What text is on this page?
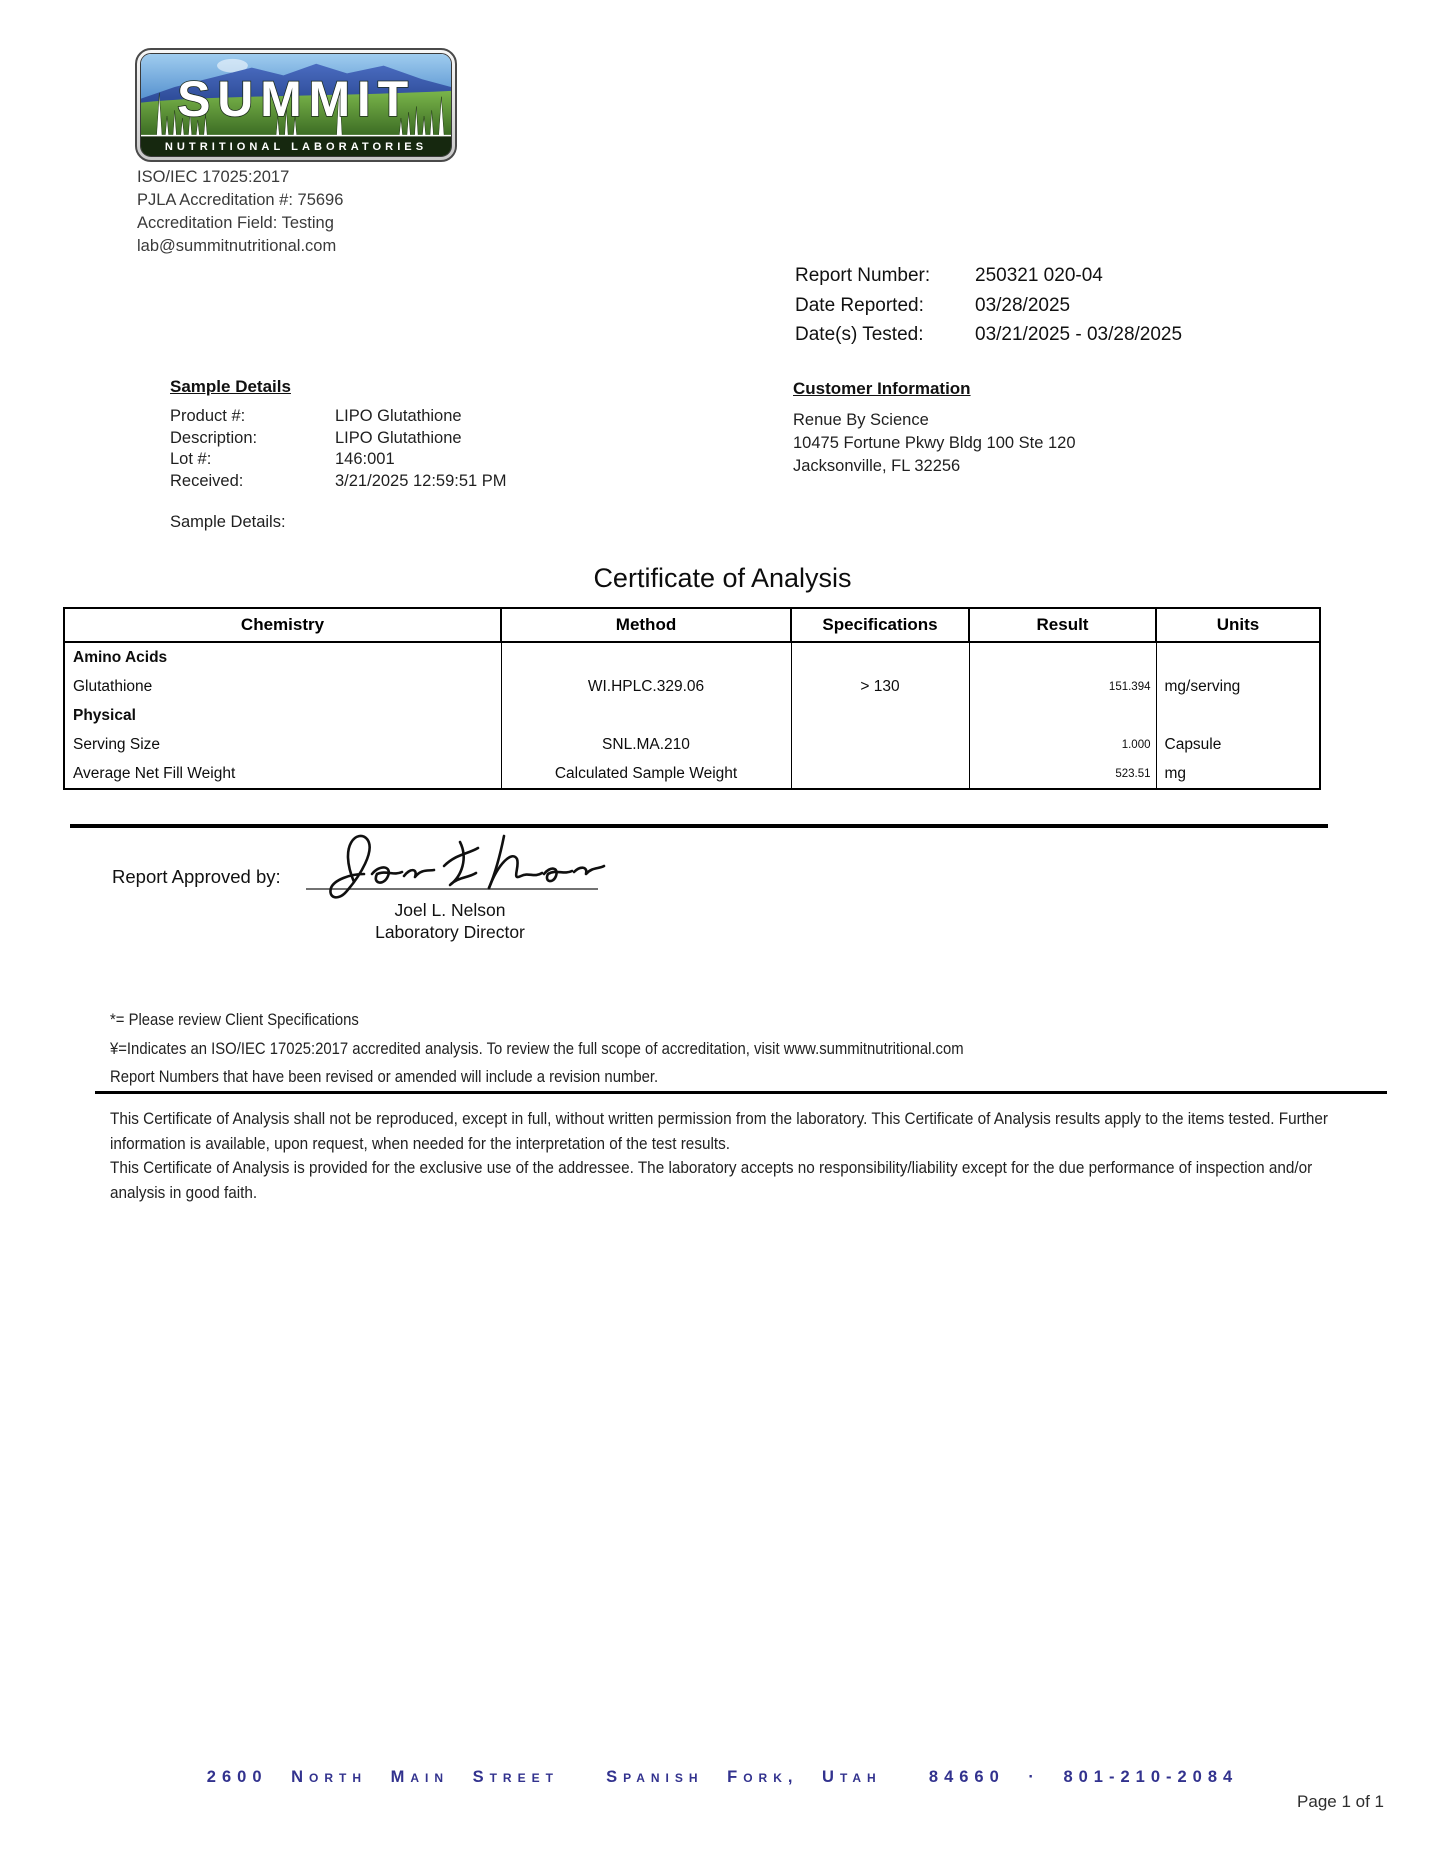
SUMMIT
NUTRITIONAL LABORATORIES
ISO/IEC 17025:2017
PJLA Accreditation #: 75696
Accreditation Field: Testing
lab@summitnutritional.com
Report Number:	250321 020-04
Date Reported:	03/28/2025
Date(s) Tested:	03/21/2025 - 03/28/2025

Sample Details

Product #:	LIPO Glutathione
Description:	LIPO Glutathione
Lot #:	146:001
Received:	3/21/2025 12:59:51 PM
Sample Details:

Customer Information

Renue By Science
10475 Fortune Pkwy Bldg 100 Ste 120
Jacksonville, FL 32256
Certificate of Analysis
Chemistry	Method	Specifications	Result	Units
Amino Acids				
Glutathione	WI.HPLC.329.06	> 130	151.394	mg/serving
Physical				
Serving Size	SNL.MA.210		1.000	Capsule
Average Net Fill Weight	Calculated Sample Weight		523.51	mg
Report Approved by:
Joel L. Nelson
Laboratory Director
*= Please review Client Specifications
¥=Indicates an ISO/IEC 17025:2017 accredited analysis. To review the full scope of accreditation, visit www.summitnutritional.com
Report Numbers that have been revised or amended will include a revision number.

This Certificate of Analysis shall not be reproduced, except in full, without written permission from the laboratory. This Certificate of Analysis results apply to the items tested. Further information is available, upon request, when needed for the interpretation of the test results.

This Certificate of Analysis is provided for the exclusive use of the addressee. The laboratory accepts no responsibility/liability except for the due performance of inspection and/or analysis in good faith.

2600 North Main Street  Spanish Fork, Utah  84660 · 801-210-2084
Page 1 of 1
